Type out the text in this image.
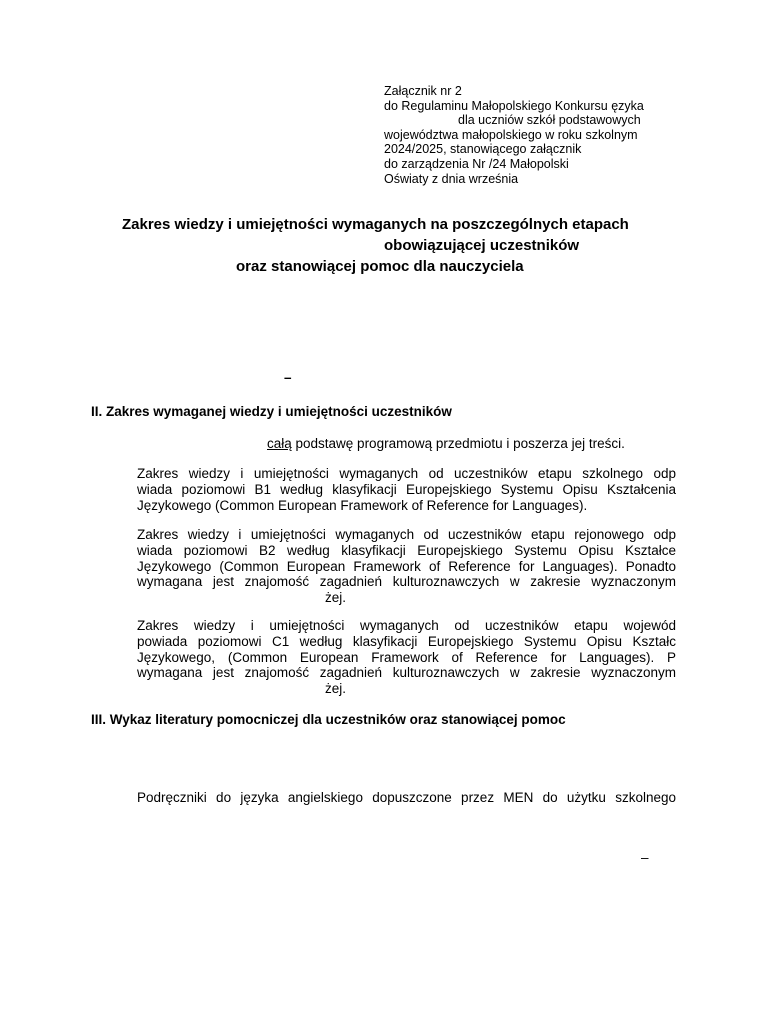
Załącznik nr 2
do Regulaminu Małopolskiego Konkursu ęzyka
dla uczniów szkół podstawowych
województwa małopolskiego w roku szkolnym
2024/2025, stanowiącego załącznik
do zarządzenia Nr /24 Małopolski
Oświaty z dnia września
Zakres wiedzy i umiejętności wymaganych na poszczególnych etapach
obowiązującej uczestników
oraz stanowiącej pomoc dla nauczyciela
–
II. Zakres wymaganej wiedzy i umiejętności uczestników
całą podstawę programową przedmiotu i poszerza jej treści.
Zakres wiedzy i umiejętności wymaganych od uczestników etapu szkolnego odp
wiada poziomowi B1 według klasyfikacji Europejskiego Systemu Opisu Kształcenia
Językowego (Common European Framework of Reference for Languages).
Zakres wiedzy i umiejętności wymaganych od uczestników etapu rejonowego odp
wiada poziomowi B2 według klasyfikacji Europejskiego Systemu Opisu Kształce
Językowego (Common European Framework of Reference for Languages). Ponadto
wymagana jest znajomość zagadnień kulturoznawczych w zakresie wyznaczonym
żej.
Zakres wiedzy i umiejętności wymaganych od uczestników etapu wojewód
powiada poziomowi C1 według klasyfikacji Europejskiego Systemu Opisu Kształc
Językowego, (Common European Framework of Reference for Languages). P
wymagana jest znajomość zagadnień kulturoznawczych w zakresie wyznaczonym
żej.
III. Wykaz literatury pomocniczej dla uczestników oraz stanowiącej pomoc
Podręczniki do języka angielskiego dopuszczone przez MEN do użytku szkolnego
–
